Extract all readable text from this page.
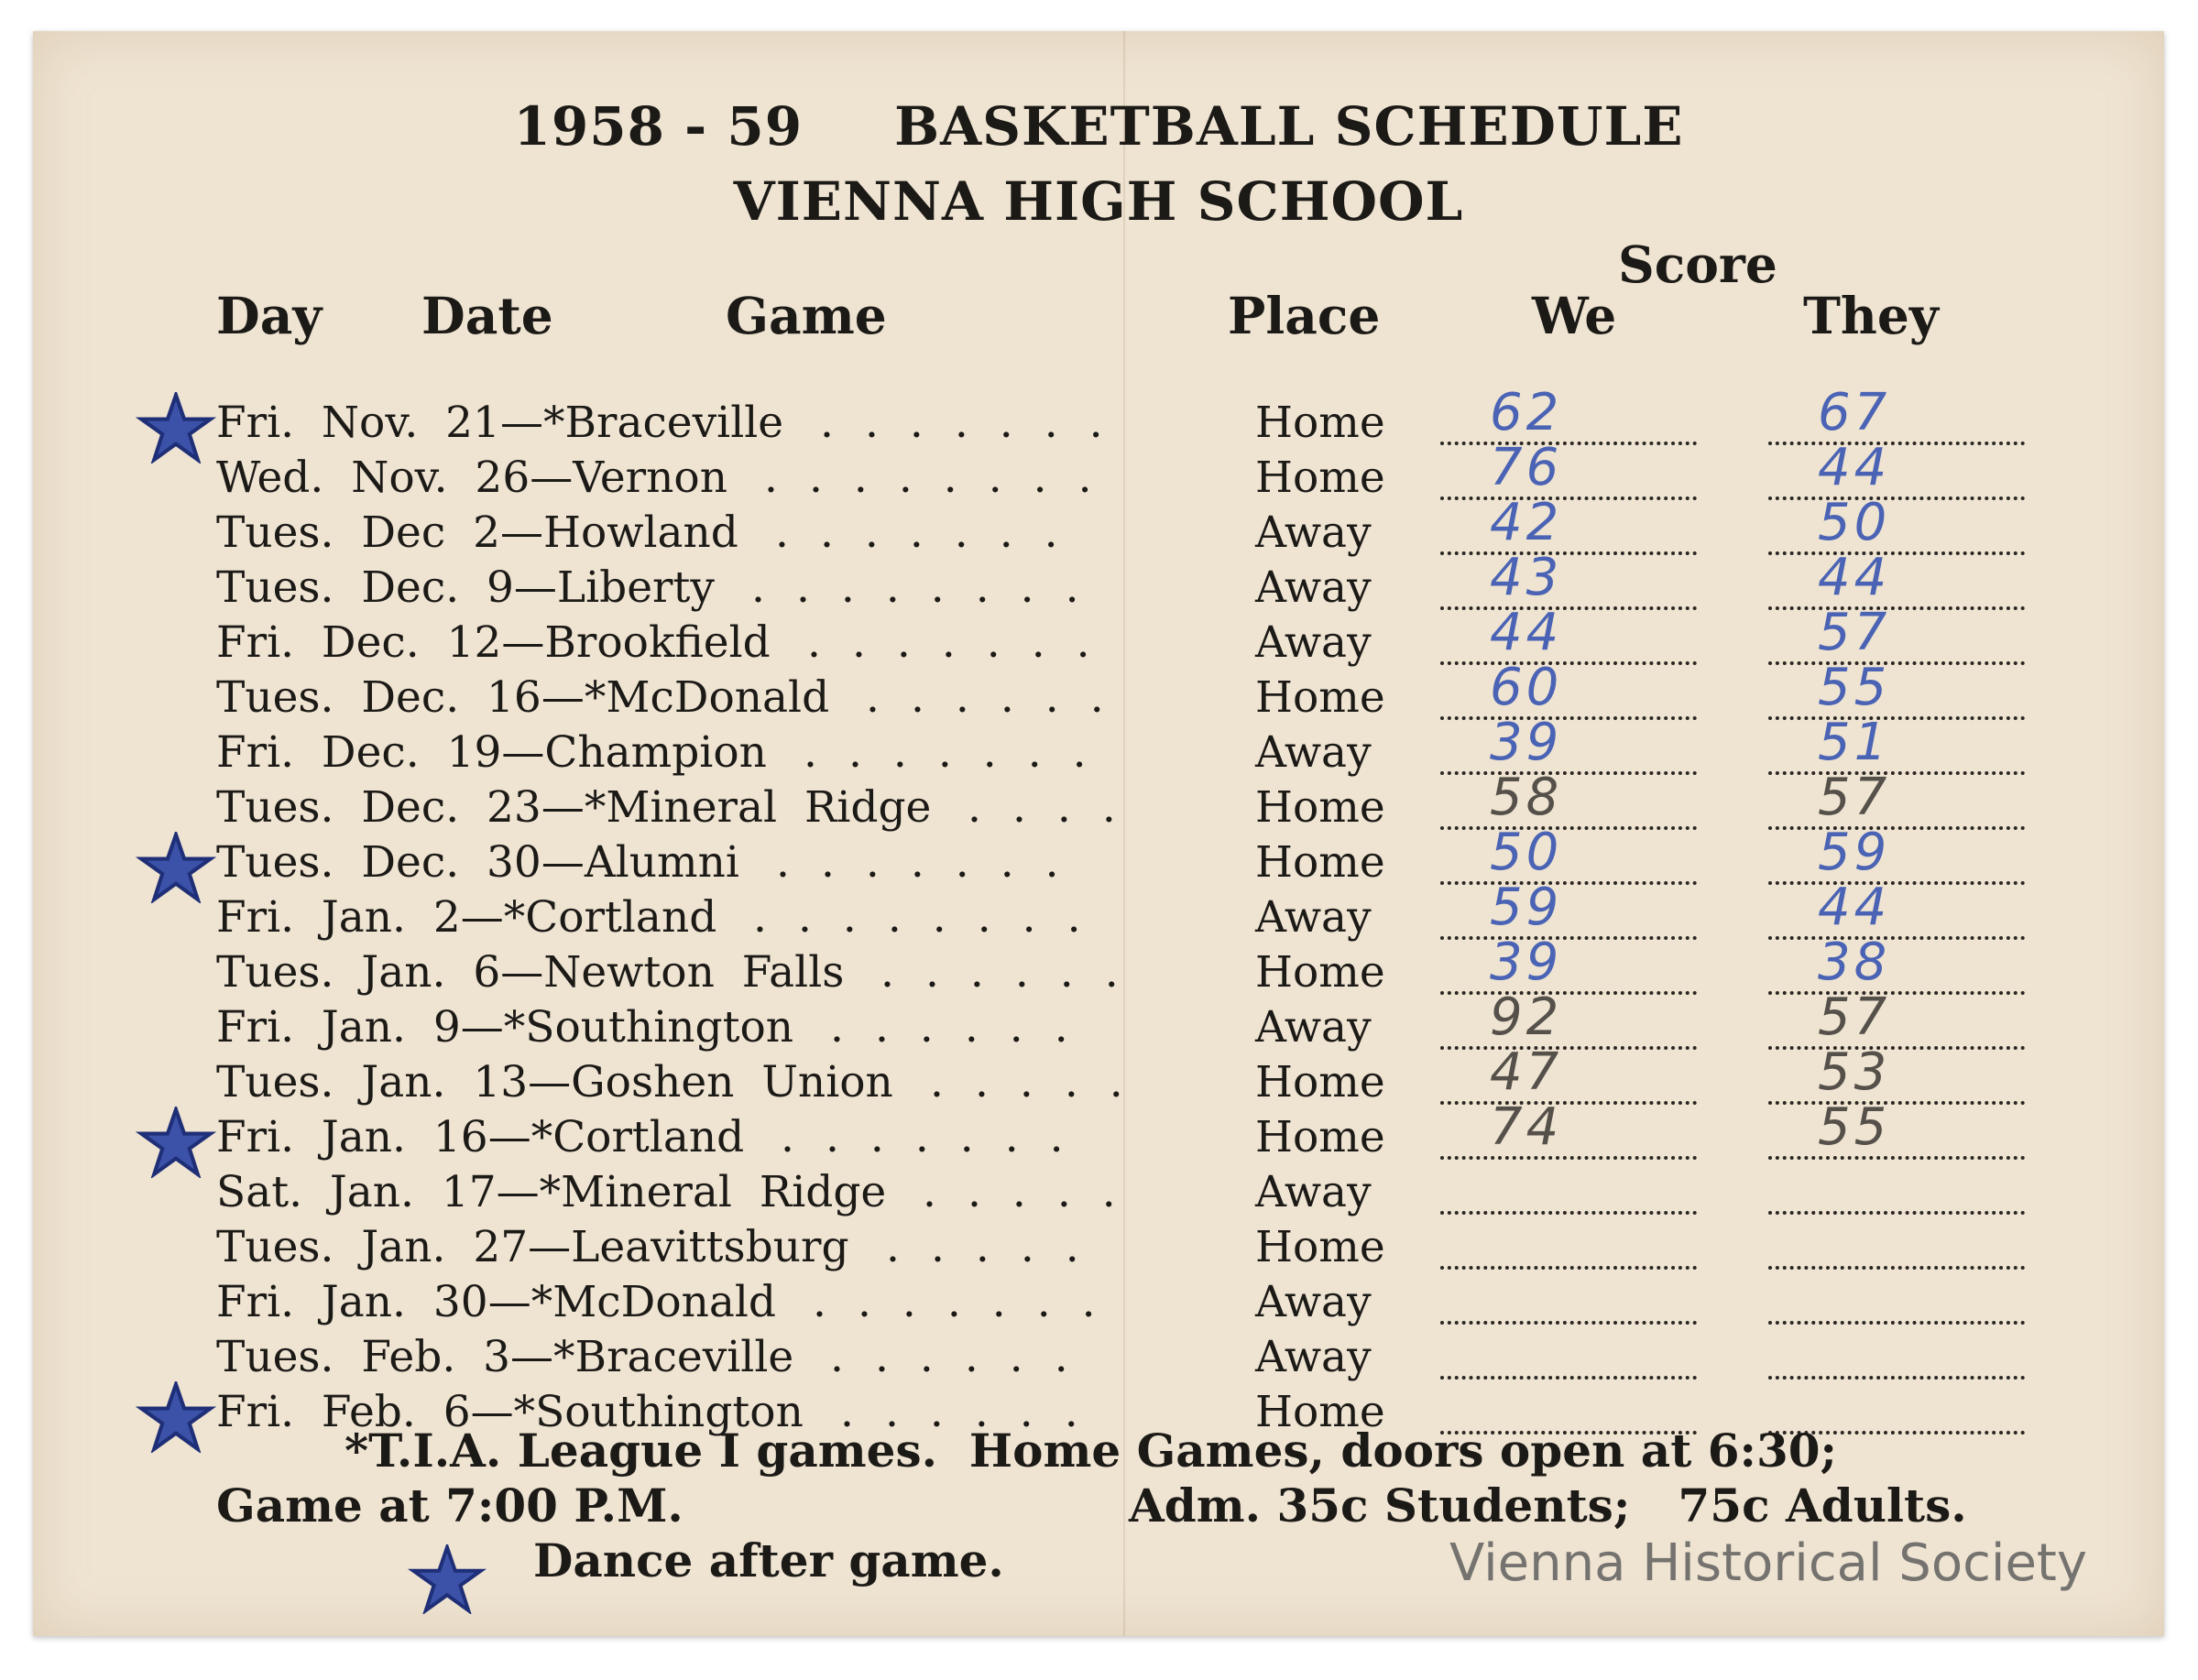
1958 - 59 BASKETBALL SCHEDULE
VIENNA HIGH SCHOOL
Day Date	Game	Place
Score
We	They
Fri.  Nov.  21—*Braceville .......	Home 62	67
Wed.  Nov.  26—Vernon ........	Home 76	44
Tues.  Dec  2—Howland .......	Away 42	50
Tues.  Dec.  9—Liberty ........	Away 43	44
Fri.  Dec.  12—Brookfield .......	Away 44	57
Tues.  Dec.  16—*McDonald ......	Home 60	55
Fri.  Dec.  19—Champion .......	Away 39	51
Tues.  Dec.  23—*Mineral  Ridge ....	Home 58	57
Tues.  Dec.  30—Alumni .......	Home 50	59
Fri.  Jan.  2—*Cortland ........	Away 59	44
Tues.  Jan.  6—Newton  Falls ...... Home 39	38
Fri.  Jan.  9—*Southington ......	Away 92	57
Tues.  Jan.  13—Goshen  Union ..... Home 47	53
Fri.  Jan.  16—*Cortland .......	Home 74	55
Sat.  Jan.  17—*Mineral  Ridge .....	Away
Tues.  Jan.  27—Leavittsburg .....	Home
Fri.  Jan.  30—*McDonald .......	Away
Tues.  Feb.  3—*Braceville ......	Away
Fri.  Feb.  6—*Southington ......	Home
*T.I.A. League I games.  Home Games, doors open at 6:30;
Game at 7:00 P.M.	Adm. 35c Students;   75c Adults.
Dance after game.	Vienna Historical Society
